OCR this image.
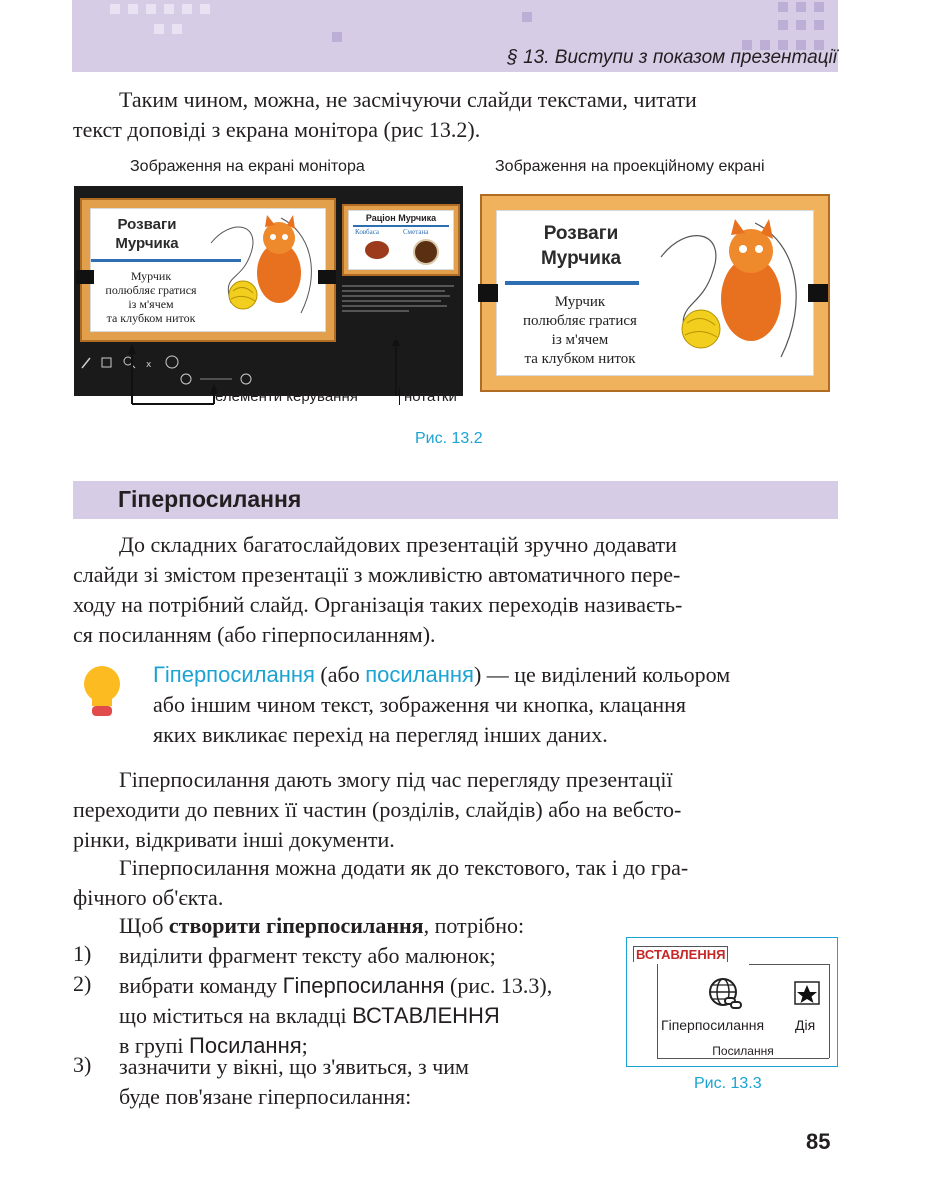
§ 13. Виступи з показом презентації
Таким чином, можна, не засмічуючи слайди текстами, читати
текст доповіді з екрана монітора (рис 13.2).
Зображення на екрані монітора	Зображення на проекційному екрані
Розваги
Мурчика
Мурчик
полюбляє гратися
із м'ячем
та клубком ниток
Раціон Мурчика
Ковбаса	Сметана
x
елементи керування	нотатки
Розваги
Мурчика
Мурчик
полюбляє гратися
із м'ячем
та клубком ниток
Рис. 13.2
Гіперпосилання
До складних багатослайдових презентацій зручно додавати
слайди зі змістом презентації з можливістю автоматичного пере-
ходу на потрібний слайд. Організація таких переходів називаєть-
ся посиланням (або гіперпосиланням).
Гіперпосилання (або посилання) — це виділений кольором
або іншим чином текст, зображення чи кнопка, клацання
яких викликає перехід на перегляд інших даних.
Гіперпосилання дають змогу під час перегляду презентації
переходити до певних її частин (розділів, слайдів) або на вебсто-
рінки, відкривати інші документи.
Гіперпосилання можна додати як до текстового, так і до гра-
фічного об'єкта.
Щоб створити гіперпосилання, потрібно:
1) виділити фрагмент тексту або малюнок;
2) вибрати команду Гіперпосилання (рис. 13.3),
що міститься на вкладці ВСТАВЛЕННЯ
в групі Посилання;
3) зазначити у вікні, що з'явиться, з чим
буде пов'язане гіперпосилання:
ВСТАВЛЕННЯ
Гіперпосилання Дія
Посилання
Рис. 13.3
85
